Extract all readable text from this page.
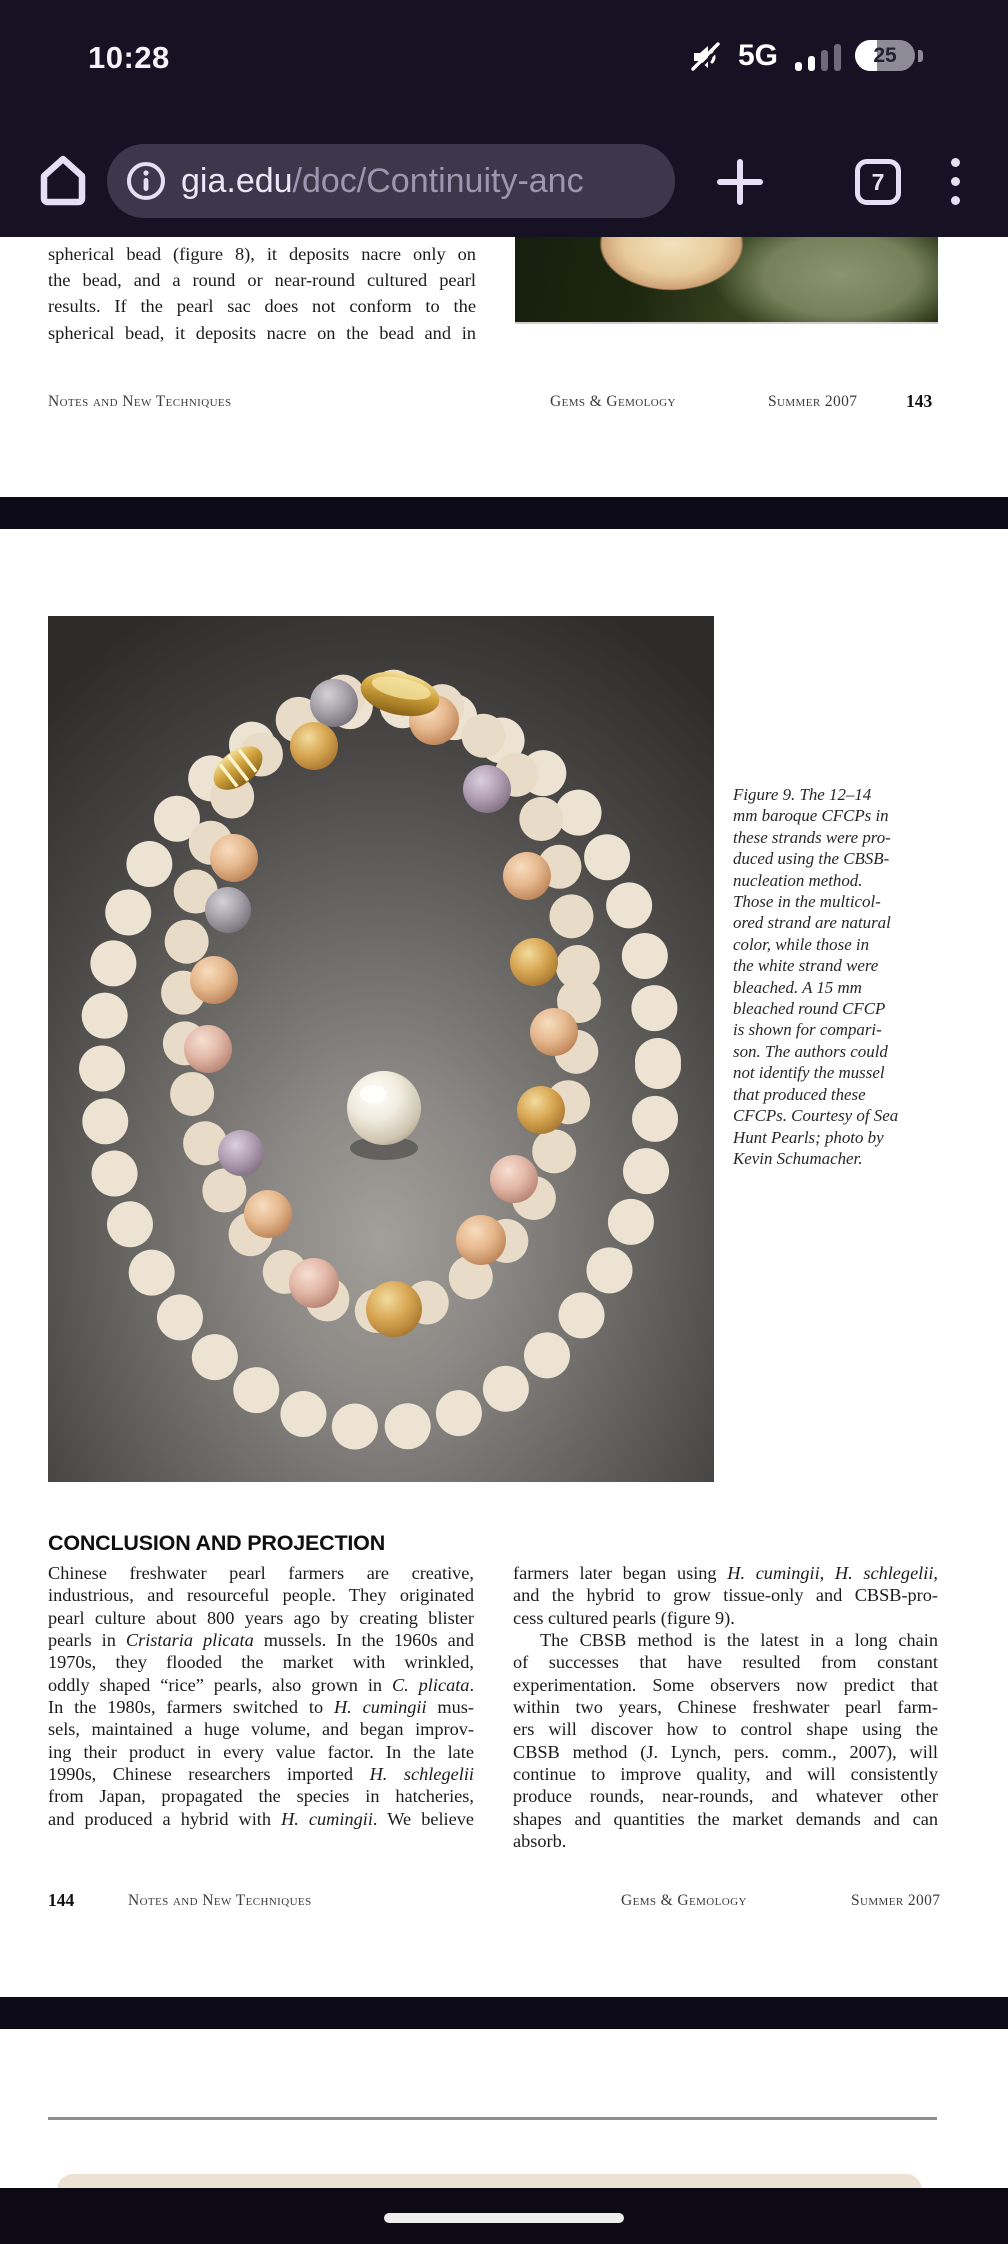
10:28	5G	25
gia.edu/doc/Continuity-anc	7
spherical bead (figure 8), it deposits nacre only on
the bead, and a round or near-round cultured pearl
results. If the pearl sac does not conform to the
spherical bead, it deposits nacre on the bead and in
Notes and New Techniques	Gems & Gemology	Summer 2007	143
Figure 9. The 12–14
mm baroque CFCPs in
these strands were pro-
duced using the CBSB-
nucleation method.
Those in the multicol-
ored strand are natural
color, while those in
the white strand were
bleached. A 15 mm
bleached round CFCP
is shown for compari-
son. The authors could
not identify the mussel
that produced these
CFCPs. Courtesy of Sea
Hunt Pearls; photo by
Kevin Schumacher.
CONCLUSION AND PROJECTION
Chinese freshwater pearl farmers are creative,
industrious, and resourceful people. They originated
pearl culture about 800 years ago by creating blister
pearls in Cristaria plicata mussels. In the 1960s and
1970s, they flooded the market with wrinkled,
oddly shaped “rice” pearls, also grown in C. plicata.
In the 1980s, farmers switched to H. cumingii mus-
sels, maintained a huge volume, and began improv-
ing their product in every value factor. In the late
1990s, Chinese researchers imported H. schlegelii
from Japan, propagated the species in hatcheries,
and produced a hybrid with H. cumingii. We believe
farmers later began using H. cumingii, H. schlegelii,
and the hybrid to grow tissue-only and CBSB-pro-
cess cultured pearls (figure 9).
The CBSB method is the latest in a long chain
of successes that have resulted from constant
experimentation. Some observers now predict that
within two years, Chinese freshwater pearl farm-
ers will discover how to control shape using the
CBSB method (J. Lynch, pers. comm., 2007), will
continue to improve quality, and will consistently
produce rounds, near-rounds, and whatever other
shapes and quantities the market demands and can
absorb.
144	Notes and New Techniques	Gems & Gemology	Summer 2007
